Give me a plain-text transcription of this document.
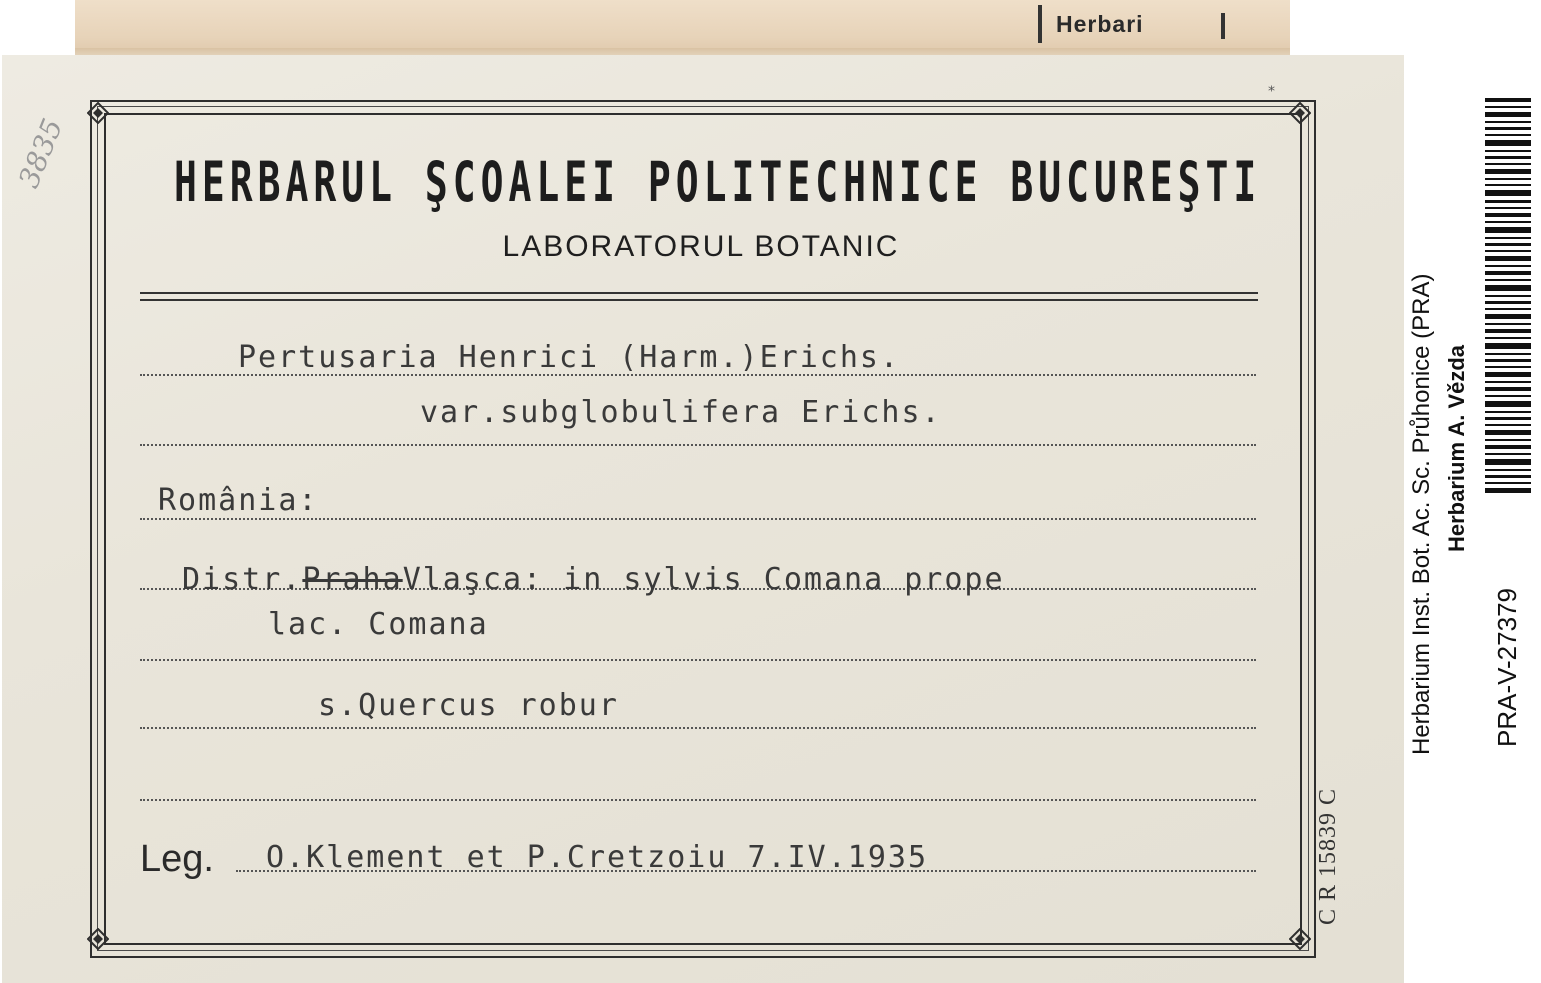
Herbari
⁎
3835	HERBARUL ŞCOALEI POLITECHNICE BUCUREŞTI
LABORATORUL BOTANIC
Pertusaria Henrici (Harm.)Erichs.
var.subglobulifera Erichs.
România:
Distr.PrahaVlaşca: in sylvis Comana prope
lac. Comana
s.Quercus robur
Leg. O.Klement et P.Cretzoiu 7.IV.1935	C R 15839 C
Herbarium Inst. Bot. Ac. Sc. Průhonice (PRA) Herbarium A. Vězda
PRA-V-27379
